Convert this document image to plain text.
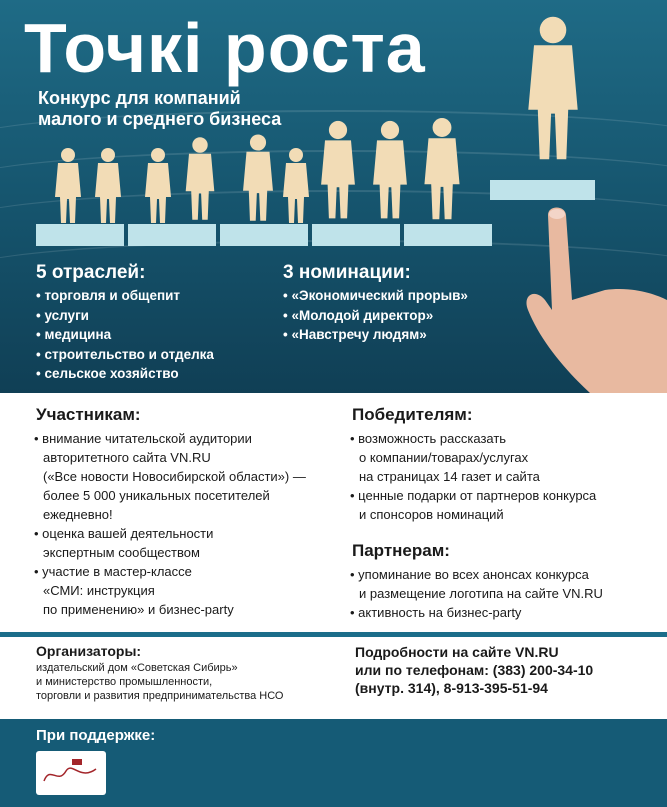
Точкi роста
Конкурс для компаний
малого и среднего бизнеса
5 отраслей:
• торговля и общепит
• услуги
• медицина
• строительство и отделка
• сельское хозяйство
3 номинации:
• «Экономический прорыв»
• «Молодой директор»
• «Навстречу людям»
Участникам:
• внимание читательской аудитории
авторитетного сайта VN.RU
(«Все новости Новосибирской области») —
более 5 000 уникальных посетителей
ежедневно!
• оценка вашей деятельности
экспертным сообществом
• участие в мастер-классе
«СМИ: инструкция
по применению» и бизнес-party
Победителям:
• возможность рассказать
о компании/товарах/услугах
на страницах 14 газет и сайта
• ценные подарки от партнеров конкурса
и спонсоров номинаций
Партнерам:
• упоминание во всех анонсах конкурса
и размещение логотипа на сайте VN.RU
• активность на бизнес-party
Организаторы:
издательский дом «Советская Сибирь»
и министерство промышленности,
торговли и развития предпринимательства НСО
Подробности на сайте VN.RU
или по телефонам: (383) 200-34-10
(внутр. 314), 8-913-395-51-94
При поддержке:
